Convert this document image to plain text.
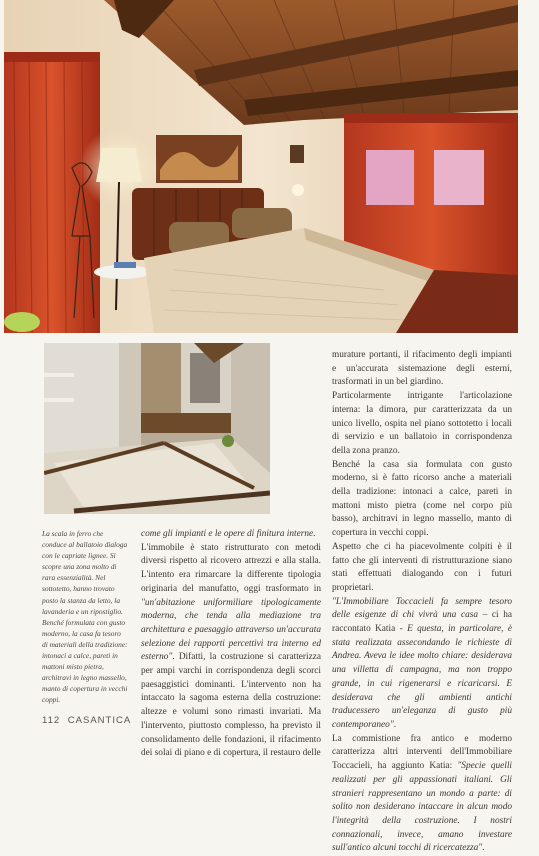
La scala in ferro che conduce al ballatoio dialoga con le capriate lignee. Si scopre una zona molto di rara essenzialità. Nel sottotetto, hanno trovato posto la stanza da letto, la lavanderia e un ripostiglio. Benché formulata con gusto moderno, la casa fa tesoro di materiali della tradizione: intonaci a calce, pareti in mattoni misto pietra, architravi in legno massello, manto di copertura in vecchi coppi.

come gli impianti e le opere di finitura interne.

L'immobile è stato ristrutturato con metodi diversi rispetto al ricovero attrezzi e alla stalla. L'intento era rimarcare la differente tipologia originaria del manufatto, oggi trasformato in "un'abitazione uniformiliare tipologicamente moderna, che tenda alla mediazione tra architettura e paesaggio attraverso un'accurata selezione dei rapporti percettivi tra interno ed esterno". Difatti, la costruzione si caratterizza per ampi varchi in corrispondenza degli scorci paesaggistici dominanti. L'intervento non ha intaccato la sagoma esterna della costruzione: altezze e volumi sono rimasti invariati. Ma l'intervento, piuttosto complesso, ha previsto il consolidamento delle fondazioni, il rifacimento dei solai di piano e di copertura, il restauro delle

murature portanti, il rifacimento degli impianti e un'accurata sistemazione degli esterni, trasformati in un bel giardino.

Particolarmente intrigante l'articolazione interna: la dimora, pur caratterizzata da un unico livello, ospita nel piano sottotetto i locali di servizio e un ballatoio in corrispondenza della zona pranzo.

Benché la casa sia formulata con gusto moderno, si è fatto ricorso anche a materiali della tradizione: intonaci a calce, pareti in mattoni misto pietra (come nel corpo più basso), architravi in legno massello, manto di copertura in vecchi coppi.

Aspetto che ci ha piacevolmente colpiti è il fatto che gli interventi di ristrutturazione siano stati effettuati dialogando con i futuri proprietari.

"L'Immobiliare Toccacieli fa sempre tesoro delle esigenze di chi vivrà una casa – ci ha raccontato Katia - E questa, in particolare, è stata realizzata assecondando le richieste di Andrea. Aveva le idee molto chiare: desiderava una villetta di campagna, ma non troppo grande, in cui rigenerarsi e ricaricarsi. E desiderava che gli ambienti antichi traducessero un'eleganza di gusto più contemporaneo".

La commistione fra antico e moderno caratterizza altri interventi dell'Immobiliare Toccacieli, ha aggiunto Katia: "Specie quelli realizzati per gli appassionati italiani. Gli stranieri rappresentano un mondo a parte: di solito non desiderano intaccare in alcun modo l'integrità della costruzione. I nostri connazionali, invece, amano investare sull'antico alcuni tocchi di ricercatezza".

112 CASANTICA
